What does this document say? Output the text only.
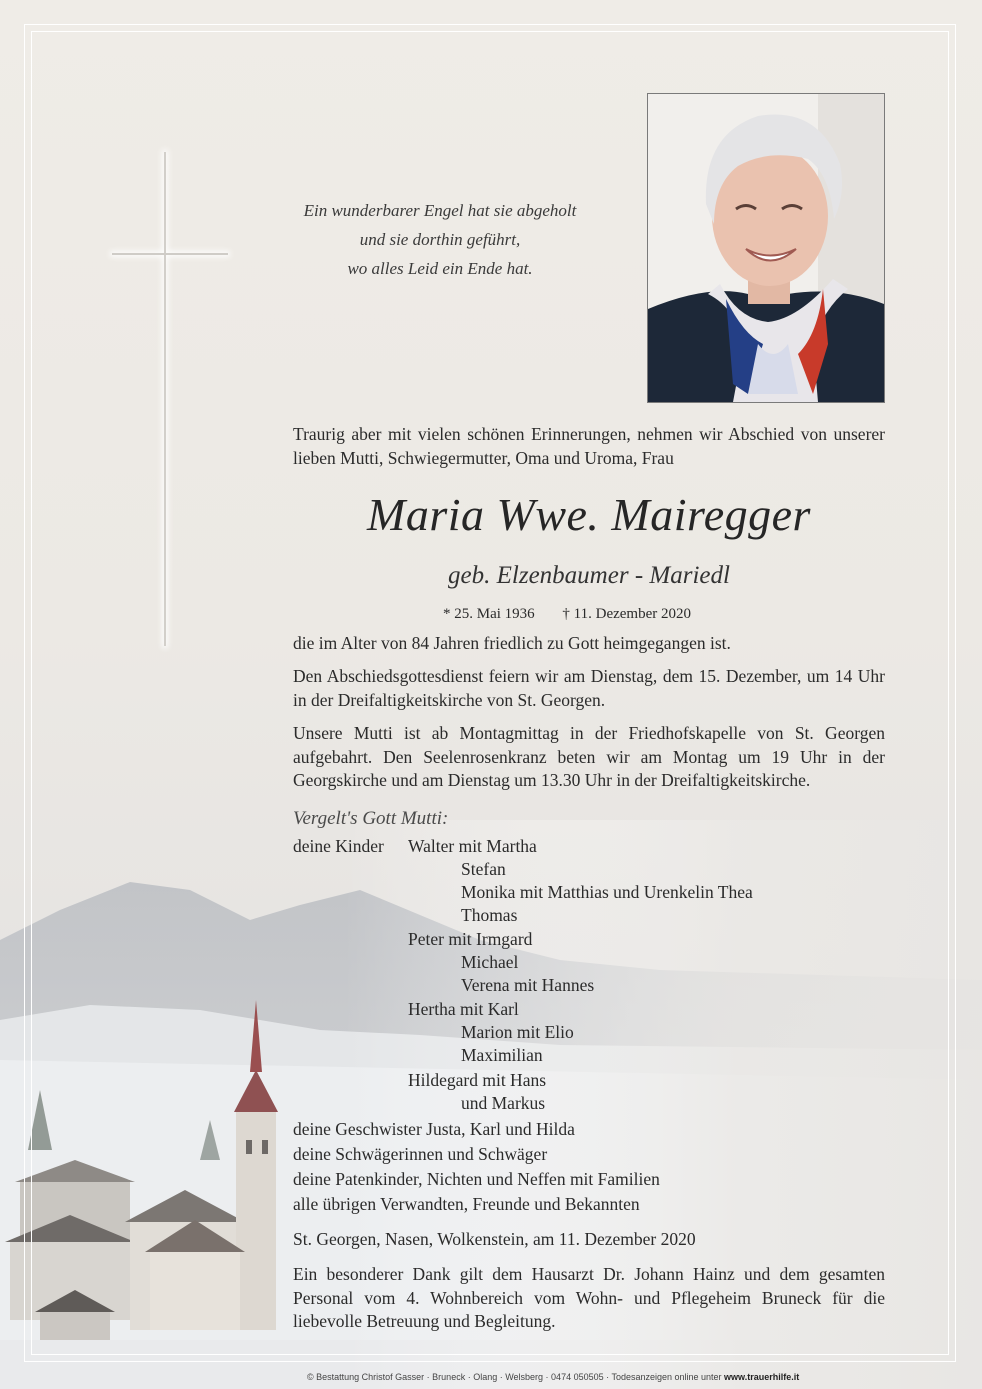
Ein wunderbarer Engel hat sie abgeholt
und sie dorthin geführt,
wo alles Leid ein Ende hat.
Traurig aber mit vielen schönen Erinnerungen, nehmen wir Abschied von unserer lieben Mutti, Schwiegermutter, Oma und Uroma, Frau
Maria Wwe. Mairegger
geb. Elzenbaumer - Mariedl
* 25. Mai 1936 † 11. Dezember 2020
die im Alter von 84 Jahren friedlich zu Gott heimgegangen ist.
Den Abschiedsgottesdienst feiern wir am Dienstag, dem 15. Dezember, um 14 Uhr in der Dreifaltigkeitskirche von St. Georgen.
Unsere Mutti ist ab Montagmittag in der Friedhofskapelle von St. Georgen aufgebahrt. Den Seelenrosenkranz beten wir am Montag um 19 Uhr in der Georgskirche und am Dienstag um 13.30 Uhr in der Dreifaltigkeitskirche.
Vergelt's Gott Mutti:
deine Kinder Walter mit Martha
Stefan
Monika mit Matthias und Urenkelin Thea
Thomas
Peter mit Irmgard
Michael
Verena mit Hannes
Hertha mit Karl
Marion mit Elio
Maximilian
Hildegard mit Hans
und Markus
deine Geschwister Justa, Karl und Hilda
deine Schwägerinnen und Schwäger
deine Patenkinder, Nichten und Neffen mit Familien
alle übrigen Verwandten, Freunde und Bekannten
St. Georgen, Nasen, Wolkenstein, am 11. Dezember 2020
Ein besonderer Dank gilt dem Hausarzt Dr. Johann Hainz und dem gesamten Personal vom 4. Wohnbereich vom Wohn- und Pflegeheim Bruneck für die liebevolle Betreuung und Begleitung.
© Bestattung Christof Gasser · Bruneck · Olang · Welsberg · 0474 050505 · Todesanzeigen online unter www.trauerhilfe.it
